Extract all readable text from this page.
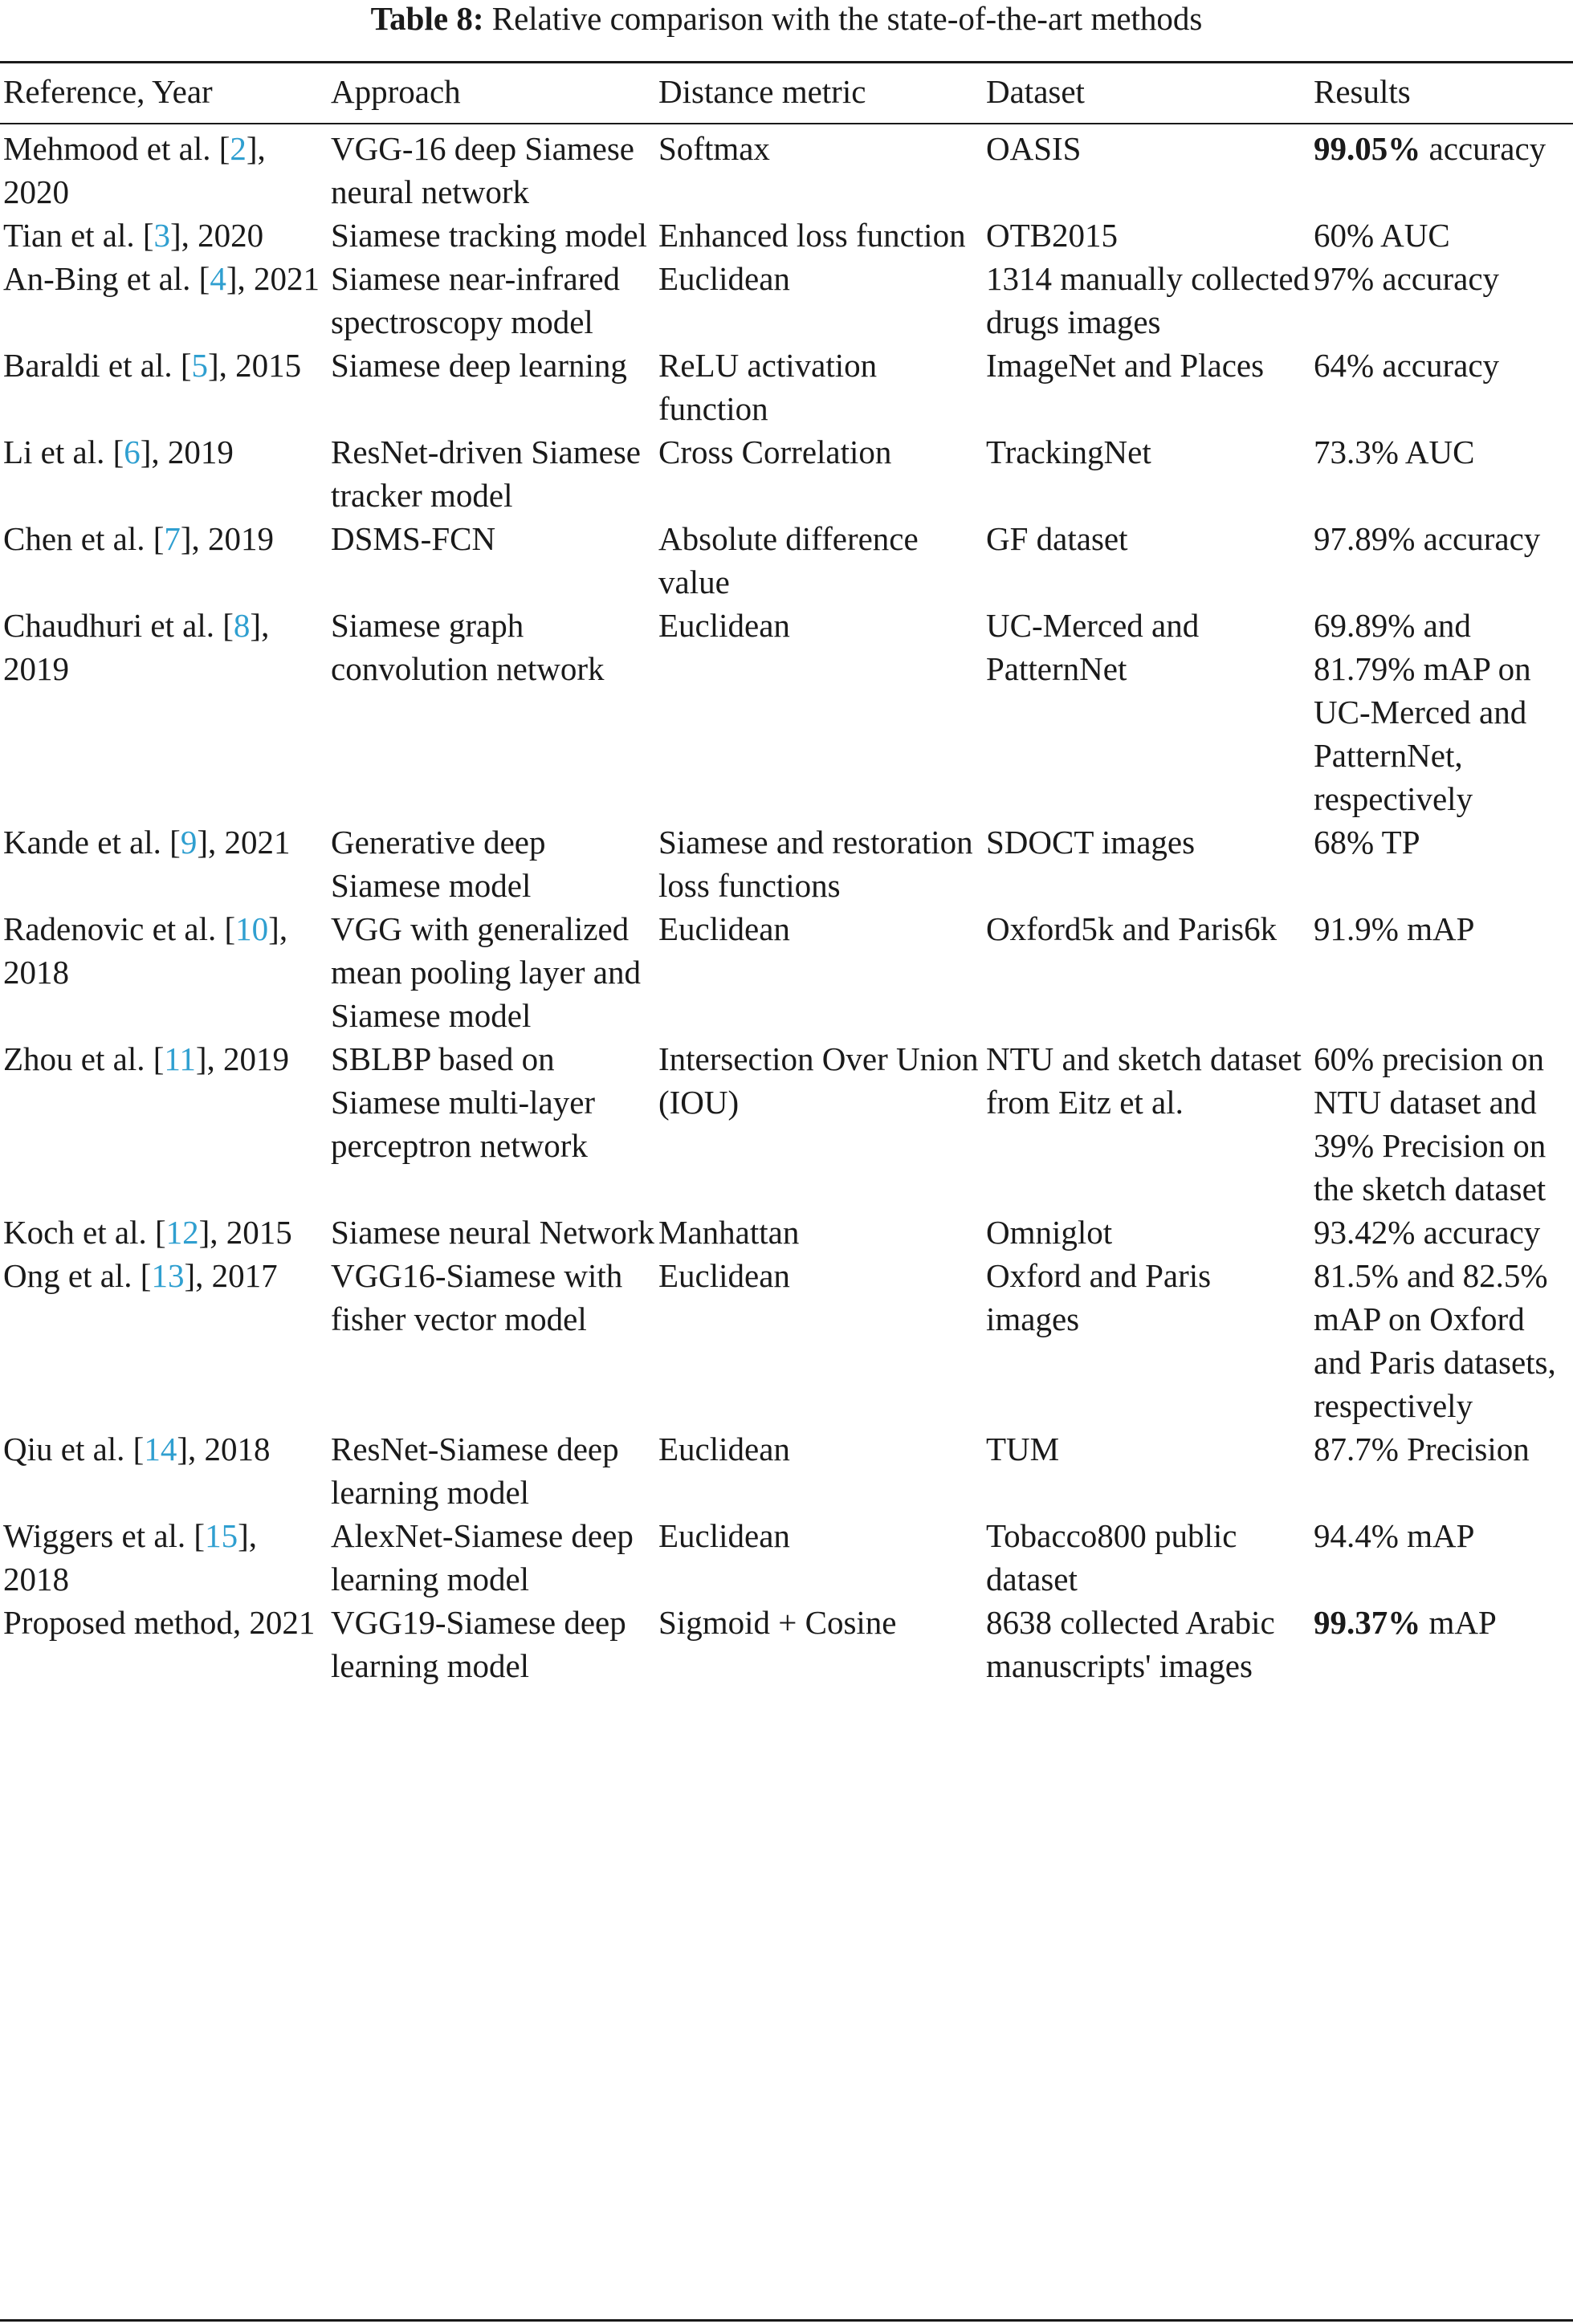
Table 8: Relative comparison with the state-of-the-art methods
Reference, Year	Approach	Distance metric	Dataset	Results
Mehmood et al. [2], 2020	VGG-16 deep Siamese neural network	Softmax	OASIS	99.05% accuracy
Tian et al. [3], 2020	Siamese tracking model	Enhanced loss function	OTB2015	60% AUC
An-Bing et al. [4], 2021	Siamese near-infrared spectroscopy model	Euclidean	1314 manually collected drugs images	97% accuracy
Baraldi et al. [5], 2015	Siamese deep learning	ReLU activation function	ImageNet and Places	64% accuracy
Li et al. [6], 2019	ResNet-driven Siamese tracker model	Cross Correlation	TrackingNet	73.3% AUC
Chen et al. [7], 2019	DSMS-FCN	Absolute difference value	GF dataset	97.89% accuracy
Chaudhuri et al. [8], 2019	Siamese graph convolution network	Euclidean	UC-Merced and PatternNet	69.89% and 81.79% mAP on UC-Merced and PatternNet, respectively
Kande et al. [9], 2021	Generative deep Siamese model	Siamese and restoration loss functions	SDOCT images	68% TP
Radenovic et al. [10], 2018	VGG with generalized mean pooling layer and Siamese model	Euclidean	Oxford5k and Paris6k	91.9% mAP
Zhou et al. [11], 2019	SBLBP based on Siamese multi-layer perceptron network	Intersection Over Union (IOU)	NTU and sketch dataset from Eitz et al.	60% precision on NTU dataset and 39% Precision on the sketch dataset
Koch et al. [12], 2015	Siamese neural Network	Manhattan	Omniglot	93.42% accuracy
Ong et al. [13], 2017	VGG16-Siamese with fisher vector model	Euclidean	Oxford and Paris images	81.5% and 82.5% mAP on Oxford and Paris datasets, respectively
Qiu et al. [14], 2018	ResNet-Siamese deep learning model	Euclidean	TUM	87.7% Precision
Wiggers et al. [15], 2018	AlexNet-Siamese deep learning model	Euclidean	Tobacco800 public dataset	94.4% mAP
Proposed method, 2021	VGG19-Siamese deep learning model	Sigmoid + Cosine	8638 collected Arabic manuscripts' images	99.37% mAP
